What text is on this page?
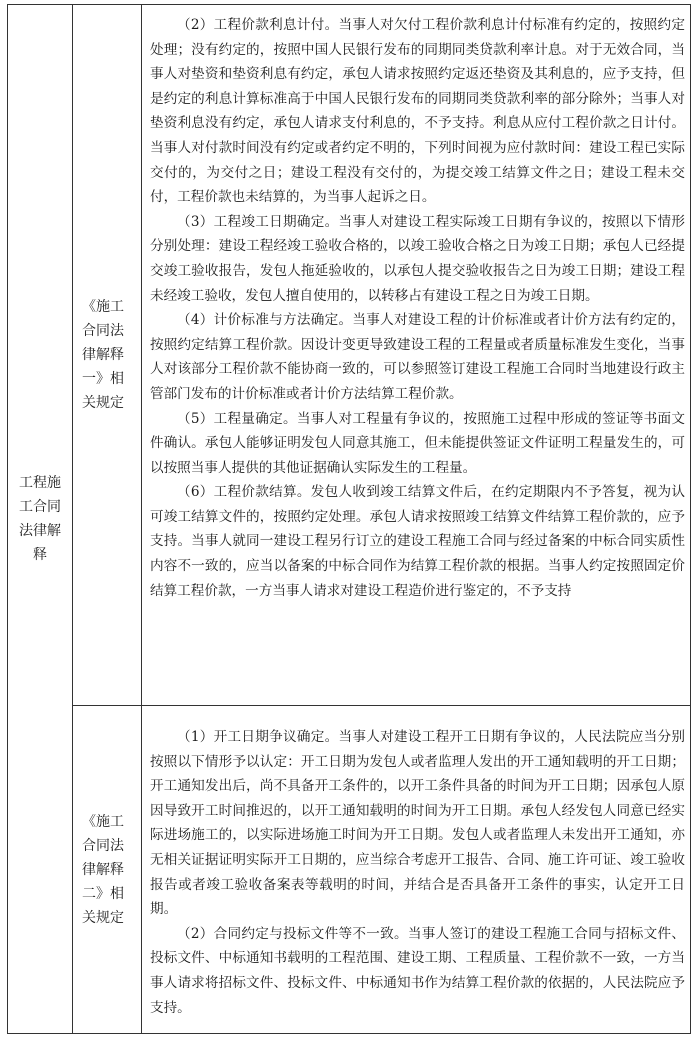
工程施工合同法律解释
《施工合同法律解释一》相关规定
《施工合同法律解释二》相关规定

（2）工程价款利息计付。当事人对欠付工程价款利息计付标准有约定的，按照约定处理；没有约定的，按照中国人民银行发布的同期同类贷款利率计息。对于无效合同，当事人对垫资和垫资利息有约定，承包人请求按照约定返还垫资及其利息的，应予支持，但是约定的利息计算标准高于中国人民银行发布的同期同类贷款利率的部分除外；当事人对垫资利息没有约定，承包人请求支付利息的，不予支持。利息从应付工程价款之日计付。当事人对付款时间没有约定或者约定不明的，下列时间视为应付款时间：建设工程已实际交付的，为交付之日；建设工程没有交付的，为提交竣工结算文件之日；建设工程未交付，工程价款也未结算的，为当事人起诉之日。

（3）工程竣工日期确定。当事人对建设工程实际竣工日期有争议的，按照以下情形分别处理：建设工程经竣工验收合格的，以竣工验收合格之日为竣工日期；承包人已经提交竣工验收报告，发包人拖延验收的，以承包人提交验收报告之日为竣工日期；建设工程未经竣工验收，发包人擅自使用的，以转移占有建设工程之日为竣工日期。

（4）计价标准与方法确定。当事人对建设工程的计价标准或者计价方法有约定的，按照约定结算工程价款。因设计变更导致建设工程的工程量或者质量标准发生变化，当事人对该部分工程价款不能协商一致的，可以参照签订建设工程施工合同时当地建设行政主管部门发布的计价标准或者计价方法结算工程价款。

（5）工程量确定。当事人对工程量有争议的，按照施工过程中形成的签证等书面文件确认。承包人能够证明发包人同意其施工，但未能提供签证文件证明工程量发生的，可以按照当事人提供的其他证据确认实际发生的工程量。

（6）工程价款结算。发包人收到竣工结算文件后，在约定期限内不予答复，视为认可竣工结算文件的，按照约定处理。承包人请求按照竣工结算文件结算工程价款的，应予支持。当事人就同一建设工程另行订立的建设工程施工合同与经过备案的中标合同实质性内容不一致的，应当以备案的中标合同作为结算工程价款的根据。当事人约定按照固定价结算工程价款，一方当事人请求对建设工程造价进行鉴定的，不予支持

（1）开工日期争议确定。当事人对建设工程开工日期有争议的，人民法院应当分别按照以下情形予以认定：开工日期为发包人或者监理人发出的开工通知载明的开工日期；开工通知发出后，尚不具备开工条件的，以开工条件具备的时间为开工日期；因承包人原因导致开工时间推迟的，以开工通知载明的时间为开工日期。承包人经发包人同意已经实际进场施工的，以实际进场施工时间为开工日期。发包人或者监理人未发出开工通知，亦无相关证据证明实际开工日期的，应当综合考虑开工报告、合同、施工许可证、竣工验收报告或者竣工验收备案表等载明的时间，并结合是否具备开工条件的事实，认定开工日期。

（2）合同约定与投标文件等不一致。当事人签订的建设工程施工合同与招标文件、投标文件、中标通知书载明的工程范围、建设工期、工程质量、工程价款不一致，一方当事人请求将招标文件、投标文件、中标通知书作为结算工程价款的依据的，人民法院应予支持。
